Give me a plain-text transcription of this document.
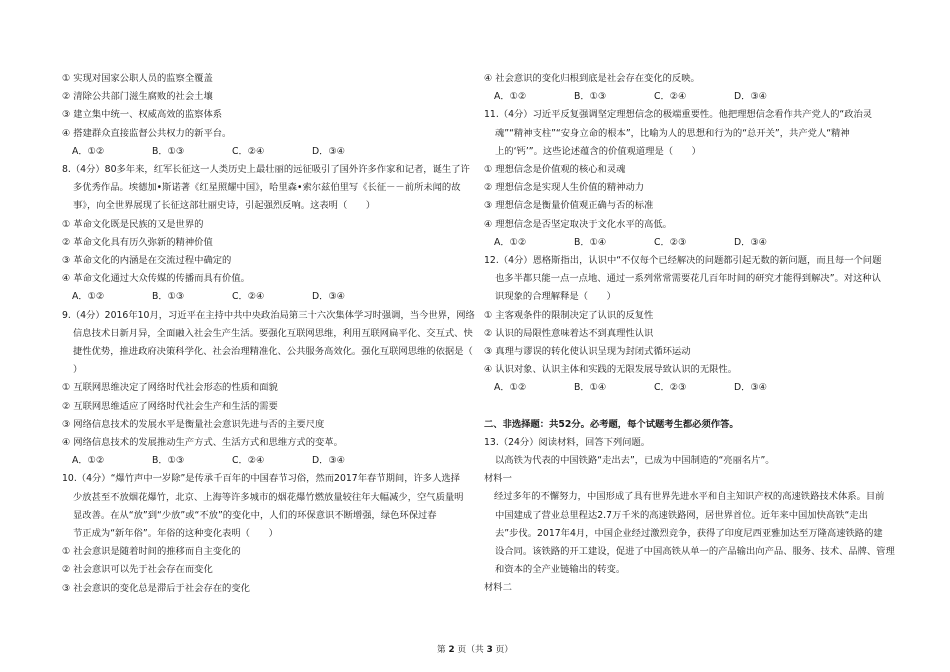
① 实现对国家公职人员的监察全覆盖
② 清除公共部门滋生腐败的社会土壤
③ 建立集中统一、权威高效的监察体系
④ 搭建群众直接监督公共权力的新平台。
A．①②	B．①③	C．②④	D．③④
8.（4分）80多年来，红军长征这一人类历史上最壮丽的远征吸引了国外许多作家和记者，诞生了许
多优秀作品。埃德加•斯诺著《红星照耀中国》，哈里森•索尔兹伯里写《长征－－前所未闻的故
事》，向全世界展现了长征这部壮丽史诗，引起强烈反响。这表明（　　）
① 革命文化既是民族的又是世界的
② 革命文化具有历久弥新的精神价值
③ 革命文化的内涵是在交流过程中确定的
④ 革命文化通过大众传媒的传播而具有价值。
A．①②	B．①③	C．②④	D．③④
9.（4分）2016年10月，习近平在主持中共中央政治局第三十六次集体学习时强调，当今世界，网络
信息技术日新月异，全面融入社会生产生活。要强化互联网思维，利用互联网扁平化、交互式、快
捷性优势，推进政府决策科学化、社会治理精准化、公共服务高效化。强化互联网思维的依据是（
）
① 互联网思维决定了网络时代社会形态的性质和面貌
② 互联网思维适应了网络时代社会生产和生活的需要
③ 网络信息技术的发展水平是衡量社会意识先进与否的主要尺度
④ 网络信息技术的发展推动生产方式、生活方式和思维方式的变革。
A．①②	B．①③	C．②④	D．③④
10.（4分）“爆竹声中一岁除”是传承千百年的中国春节习俗，然而2017年春节期间，许多人选择
少放甚至不放烟花爆竹，北京、上海等许多城市的烟花爆竹燃放量较往年大幅减少，空气质量明
显改善。在从“放”到“少放”或“不放”的变化中，人们的环保意识不断增强，绿色环保过春
节正成为“新年俗”。年俗的这种变化表明（　　）
① 社会意识是随着时间的推移而自主变化的
② 社会意识可以先于社会存在而变化
③ 社会意识的变化总是滞后于社会存在的变化
④ 社会意识的变化归根到底是社会存在变化的反映。
A．①②	B．①③	C．②④	D．③④
11.（4分）习近平反复强调坚定理想信念的极端重要性。他把理想信念看作共产党人的“政治灵
魂”“精神支柱”“安身立命的根本”，比喻为人的思想和行为的“总开关”，共产党人“精神
上的‘钙’”。这些论述蕴含的价值观道理是（　　）
① 理想信念是价值观的核心和灵魂
② 理想信念是实现人生价值的精神动力
③ 理想信念是衡量价值观正确与否的标准
④ 理想信念是否坚定取决于文化水平的高低。
A．①②	B．①④	C．②③	D．③④
12.（4分）恩格斯指出，认识中“不仅每个已经解决的问题都引起无数的新问题，而且每一个问题
也多半都只能一点一点地、通过一系列常常需要花几百年时间的研究才能得到解决”。对这种认
识现象的合理解释是（　　）
① 主客观条件的限制决定了认识的反复性
② 认识的局限性意味着达不到真理性认识
③ 真理与谬误的转化使认识呈现为封闭式循环运动
④ 认识对象、认识主体和实践的无限发展导致认识的无限性。
A．①②	B．①④	C．②③	D．③④
二、非选择题：共52分。必考题，每个试题考生都必须作答。
13.（24分）阅读材料，回答下列问题。
以高铁为代表的中国铁路“走出去”，已成为中国制造的“亮丽名片”。
材料一
经过多年的不懈努力，中国形成了具有世界先进水平和自主知识产权的高速铁路技术体系。目前
中国建成了营业总里程达2.7万千米的高速铁路网，居世界首位。近年来中国加快高铁“走出
去”步伐。2017年4月，中国企业经过激烈竞争，获得了印度尼西亚雅加达至万隆高速铁路的建
设合同。该铁路的开工建设，促进了中国高铁从单一的产品输出向产品、服务、技术、品牌、管理
和资本的全产业链输出的转变。
材料二
第 2 页（共 3 页）
